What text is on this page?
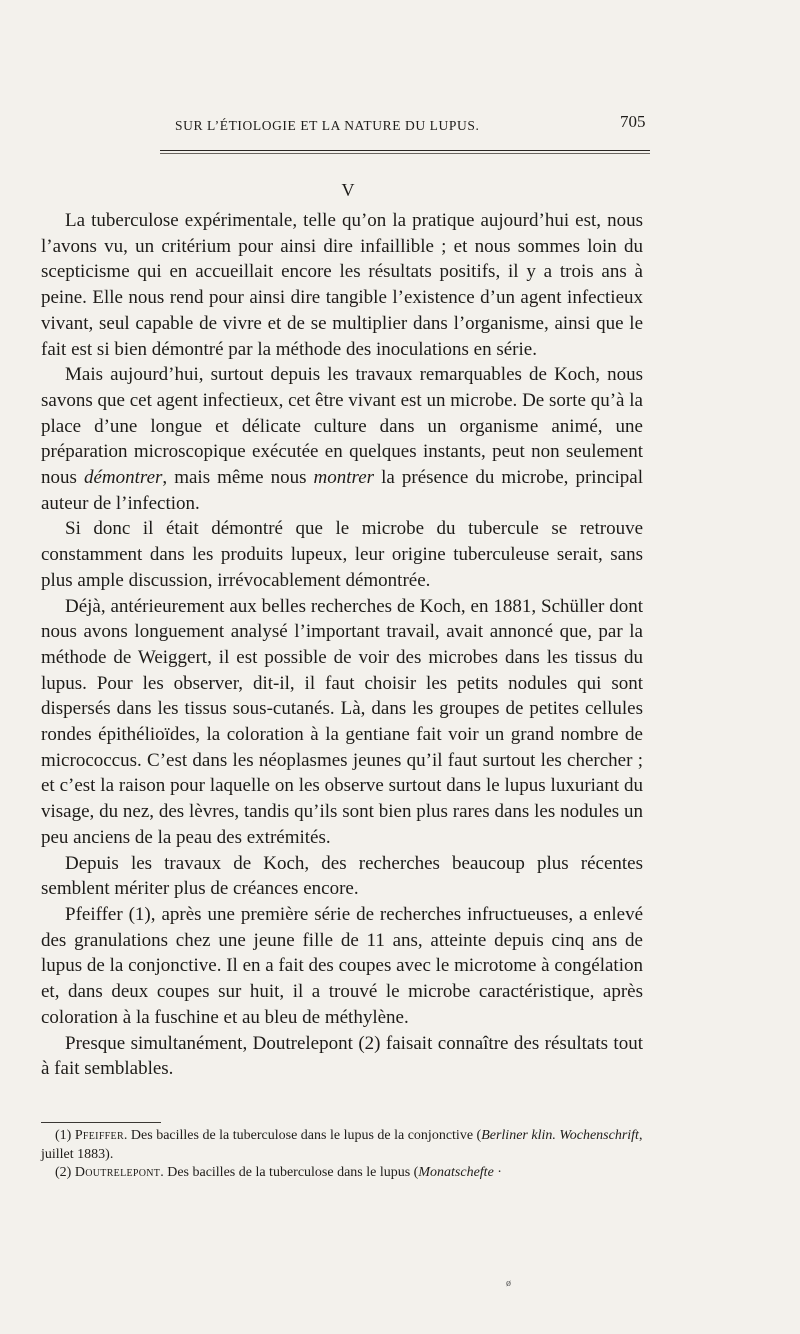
SUR L’ÉTIOLOGIE ET LA NATURE DU LUPUS.	705
V

La tuberculose expérimentale, telle qu’on la pratique aujourd’hui est, nous l’avons vu, un critérium pour ainsi dire infaillible ; et nous sommes loin du scepticisme qui en accueillait encore les résultats positifs, il y a trois ans à peine. Elle nous rend pour ainsi dire tangible l’existence d’un agent infectieux vivant, seul capable de vivre et de se multiplier dans l’organisme, ainsi que le fait est si bien démontré par la méthode des inoculations en série.

Mais aujourd’hui, surtout depuis les travaux remarquables de Koch, nous savons que cet agent infectieux, cet être vivant est un microbe. De sorte qu’à la place d’une longue et délicate culture dans un organisme animé, une préparation microscopique exécutée en quelques instants, peut non seulement nous démontrer, mais même nous montrer la présence du microbe, principal auteur de l’infection.

Si donc il était démontré que le microbe du tubercule se retrouve constamment dans les produits lupeux, leur origine tuberculeuse serait, sans plus ample discussion, irrévocablement démontrée.

Déjà, antérieurement aux belles recherches de Koch, en 1881, Schüller dont nous avons longuement analysé l’important travail, avait annoncé que, par la méthode de Weiggert, il est possible de voir des microbes dans les tissus du lupus. Pour les observer, dit-il, il faut choisir les petits nodules qui sont dispersés dans les tissus sous-cutanés. Là, dans les groupes de petites cellules rondes épithélioïdes, la coloration à la gentiane fait voir un grand nombre de micrococcus. C’est dans les néoplasmes jeunes qu’il faut surtout les chercher ; et c’est la raison pour laquelle on les observe surtout dans le lupus luxuriant du visage, du nez, des lèvres, tandis qu’ils sont bien plus rares dans les nodules un peu anciens de la peau des extrémités.

Depuis les travaux de Koch, des recherches beaucoup plus récentes semblent mériter plus de créances encore.

Pfeiffer (1), après une première série de recherches infructueuses, a enlevé des granulations chez une jeune fille de 11 ans, atteinte depuis cinq ans de lupus de la conjonctive. Il en a fait des coupes avec le microtome à congélation et, dans deux coupes sur huit, il a trouvé le microbe caractéristique, après coloration à la fuschine et au bleu de méthylène.

Presque simultanément, Doutrelepont (2) faisait connaître des résultats tout à fait semblables.

(1) Pfeiffer. Des bacilles de la tuberculose dans le lupus de la conjonctive (Berliner klin. Wochenschrift, juillet 1883).

(2) Doutrelepont. Des bacilles de la tuberculose dans le lupus (Monatschefte ·

ø
